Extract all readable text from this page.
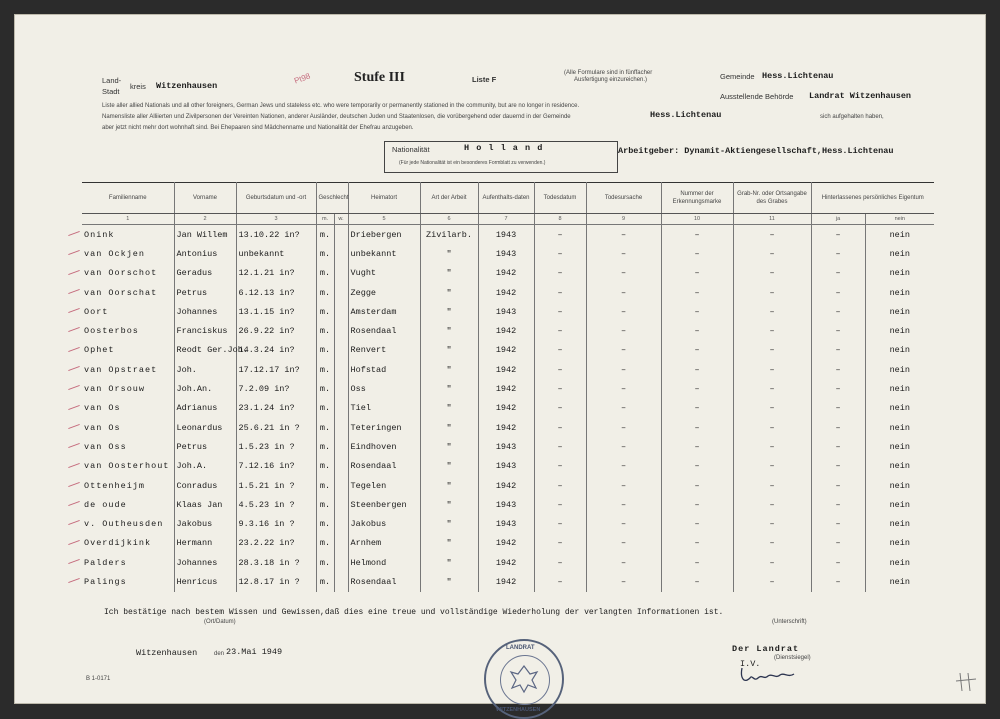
Land-
Stadt
kreis Witzenhausen
Pt98	Stufe III	Liste F
(Alle Formulare sind in fünffacher
Ausfertigung einzureichen.)	Gemeinde Hess.Lichtenau
Ausstellende Behörde Landrat Witzenhausen
Liste aller allied Nationals und all other foreigners, German Jews und stateless etc. who were temporarily or permanently stationed in the community, but are no longer in residence.
Namensliste aller Alliierten und Zivilpersonen der Vereinten Nationen, anderer Ausländer, deutschen Juden und Staatenlosen, die vorübergehend oder dauernd in der Gemeinde	Hess.Lichtenau	sich aufgehalten haben,
aber jetzt nicht mehr dort wohnhaft sind. Bei Ehepaaren sind Mädchenname und Nationalität der Ehefrau anzugeben.
Nationalität	H o l l a n d
(Für jede Nationalität ist ein besonderes Formblatt zu verwenden.)
Arbeitgeber: Dynamit-Aktiengesellschaft,Hess.Lichtenau
Familienname	Vorname	Geburtsdatum und -ort	Geschlecht		Heimatort	Art der Arbeit	Aufenthalts-daten	Todesdatum	Todesursache	Nummer der Erkennungsmarke	Grab-Nr. oder Ortsangabe des Grabes	Hinterlassenes persönliches Eigentum	
1	2	3	m.	w.	5	6	7	8	9	10	11	ja	nein

Onink	Jan Willem	13.10.22 in?	m.		Driebergen	Zivilarb.	1943	–	–	–	–	–	nein

van Ockjen	Antonius	unbekannt	m.		unbekannt	"	1943	–	–	–	–	–	nein

van Oorschot	Geradus	12.1.21 in?	m.		Vught	"	1942	–	–	–	–	–	nein

van Oorschat	Petrus	6.12.13 in?	m.		Zegge	"	1942	–	–	–	–	–	nein

Oort	Johannes	13.1.15 in?	m.		Amsterdam	"	1943	–	–	–	–	–	nein

Oosterbos	Franciskus	26.9.22 in?	m.		Rosendaal	"	1942	–	–	–	–	–	nein

Ophet	Reodt Ger.Joh.	14.3.24 in?	m.		Renvert	"	1942	–	–	–	–	–	nein

van Opstraet	Joh.	17.12.17 in?	m.		Hofstad	"	1942	–	–	–	–	–	nein

van Orsouw	Joh.An.	7.2.09 in?	m.		Oss	"	1942	–	–	–	–	–	nein

van Os	Adrianus	23.1.24 in?	m.		Tiel	"	1942	–	–	–	–	–	nein

van Os	Leonardus	25.6.21 in ?	m.		Teteringen	"	1942	–	–	–	–	–	nein

van Oss	Petrus	1.5.23 in ?	m.		Eindhoven	"	1943	–	–	–	–	–	nein

van Oosterhout	Joh.A.	7.12.16 in?	m.		Rosendaal	"	1943	–	–	–	–	–	nein

Ottenheijm	Conradus	1.5.21 in ?	m.		Tegelen	"	1942	–	–	–	–	–	nein

de oude	Klaas Jan	4.5.23 in ?	m.		Steenbergen	"	1943	–	–	–	–	–	nein

v. Outheusden	Jakobus	9.3.16 in ?	m.		Jakobus	"	1943	–	–	–	–	–	nein

Overdijkink	Hermann	23.2.22 in?	m.		Arnhem	"	1942	–	–	–	–	–	nein

Palders	Johannes	28.3.18 in ?	m.		Helmond	"	1942	–	–	–	–	–	nein

Palings	Henricus	12.8.17 in ?	m.		Rosendaal	"	1942	–	–	–	–	–	nein
Ich bestätige nach bestem Wissen und Gewissen,daß dies eine treue und vollständige Wiederholung der verlangten Informationen ist.
(Ort/Datum)	(Unterschrift)
Witzenhausen	den 23.Mai 1949	Der Landrat
(Dienstsiegel)
I.V.
B 1-0171
LANDRAT
WITZENHAUSEN
